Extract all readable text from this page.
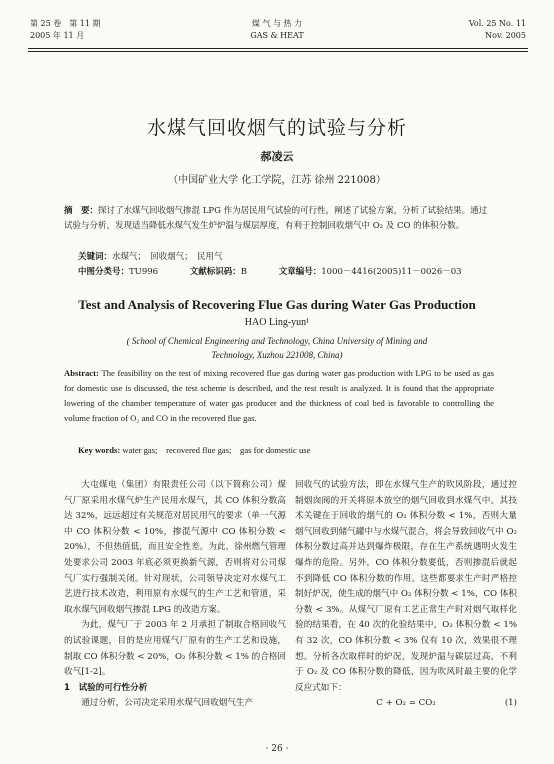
第 25 卷　第 11 期
2005 年 11 月
煤 气 与 热 力
GAS & HEAT
Vol. 25 No. 11
Nov. 2005
水煤气回收烟气的试验与分析
郝凌云
（中国矿业大学 化工学院，江苏 徐州 221008）
摘　要：探讨了水煤气回收烟气掺混 LPG 作为居民用气试验的可行性，阐述了试验方案，分析了试验结果。通过试验与分析，发现适当降低水煤气发生炉炉温与煤层厚度，有利于控制回收烟气中 O₂ 及 CO 的体积分数。
关键词：水煤气；　回收烟气；　民用气
中图分类号：TU996	文献标识码：B	文章编号：1000－4416(2005)11－0026－03
Test and Analysis of Recovering Flue Gas during Water Gas Production
HAO Ling-yun¹
( School of Chemical Engineering and Technology, China University of Mining and
Technology, Xuzhou 221008, China)
Abstract: The feasibility on the test of mixing recovered flue gas during water gas production with LPG to be used as gas for domestic use is discussed, the test scheme is described, and the test result is analyzed. It is found that the appropriate lowering of the chamber temperature of water gas producer and the thickness of coal bed is favorable to controlling the volume fraction of O₂ and CO in the recovered flue gas.
Key words: water gas;　recovered flue gas;　gas for domestic use

大屯煤电（集团）有限责任公司（以下简称公司）煤气厂原采用水煤气炉生产民用水煤气，其 CO 体积分数高达 32%，远远超过有关规范对居民用气的要求（单一气源中 CO 体积分数 < 10%，掺混气源中 CO 体积分数 < 20%），不但热值低，而且安全性差。为此，徐州燃气管理处要求公司 2003 年底必须更换新气源，否则将对公司煤气厂实行强制关闭。针对现状，公司领导决定对水煤气工艺进行技术改造，利用原有水煤气的生产工艺和管道，采取水煤气回收烟气掺混 LPG 的改造方案。

为此，煤气厂于 2003 年 2 月承担了制取合格回收气的试验课题，目的是应用煤气厂原有的生产工艺和设施，制取 CO 体积分数 < 20%，O₂ 体积分数 < 1% 的合格回收气[1-2]。

1　试验的可行性分析

通过分析，公司决定采用水煤气回收烟气生产

回收气的试验方法，即在水煤气生产的吹风阶段，通过控制烟囱阀的开关将原本放空的烟气回收到水煤气中。其技术关键在于回收的烟气的 O₂ 体积分数 < 1%，否则大量烟气回收到储气罐中与水煤气混合，将会导致回收气中 O₂ 体积分数过高并达到爆炸极限，存在生产系统遇明火发生爆炸的危险。另外，CO 体积分数要低，否则掺混后就起不到降低 CO 体积分数的作用。这些都要求生产时严格控制好炉况，使生成的烟气中 O₂ 体积分数 < 1%，CO 体积分数 < 3%。从煤气厂原有工艺正常生产时对烟气取样化验的结果看，在 40 次的化验结果中，O₂ 体积分数 < 1% 有 32 次，CO 体积分数 < 3% 仅有 10 次，效果很不理想。分析各次取样时的炉况，发现炉温与碳层过高，不利于 O₂ 及 CO 体积分数的降低，因为吹风时最主要的化学反应式如下：

C + O₂ = CO₂	(1)

· 26 ·
